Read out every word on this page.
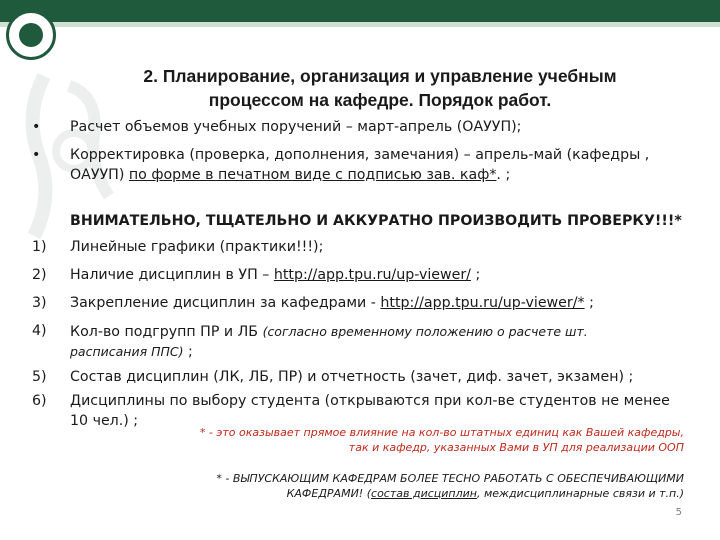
2. Планирование, организация и управление учебным
процессом на кафедре. Порядок работ.
•	Расчет объемов учебных поручений – март-апрель (ОАУУП);
•	Корректировка (проверка, дополнения, замечания) – апрель-май (кафедры ,
ОАУУП) по форме в печатном виде с подписью зав. каф*. ;
ВНИМАТЕЛЬНО, ТЩАТЕЛЬНО И АККУРАТНО ПРОИЗВОДИТЬ ПРОВЕРКУ!!!*
1)	Линейные графики (практики!!!);
2)	Наличие дисциплин в УП – http://app.tpu.ru/up-viewer/ ;
3)	Закрепление дисциплин за кафедрами - http://app.tpu.ru/up-viewer/* ;
4)	Кол-во подгрупп ПР и ЛБ (согласно временному положению о расчете шт.
расписания ППС) ;
5)	Состав дисциплин (ЛК, ЛБ, ПР) и отчетность (зачет, диф. зачет, экзамен) ;
6)	Дисциплины по выбору студента (открываются при кол-ве студентов не менее
10 чел.) ;
* - это оказывает прямое влияние на кол-во штатных единиц как Вашей кафедры,
так и кафедр, указанных Вами в УП для реализации ООП
* - ВЫПУСКАЮЩИМ КАФЕДРАМ БОЛЕЕ ТЕСНО РАБОТАТЬ С ОБЕСПЕЧИВАЮЩИМИ
КАФЕДРАМИ! (состав дисциплин, междисциплинарные связи и т.п.)
5
